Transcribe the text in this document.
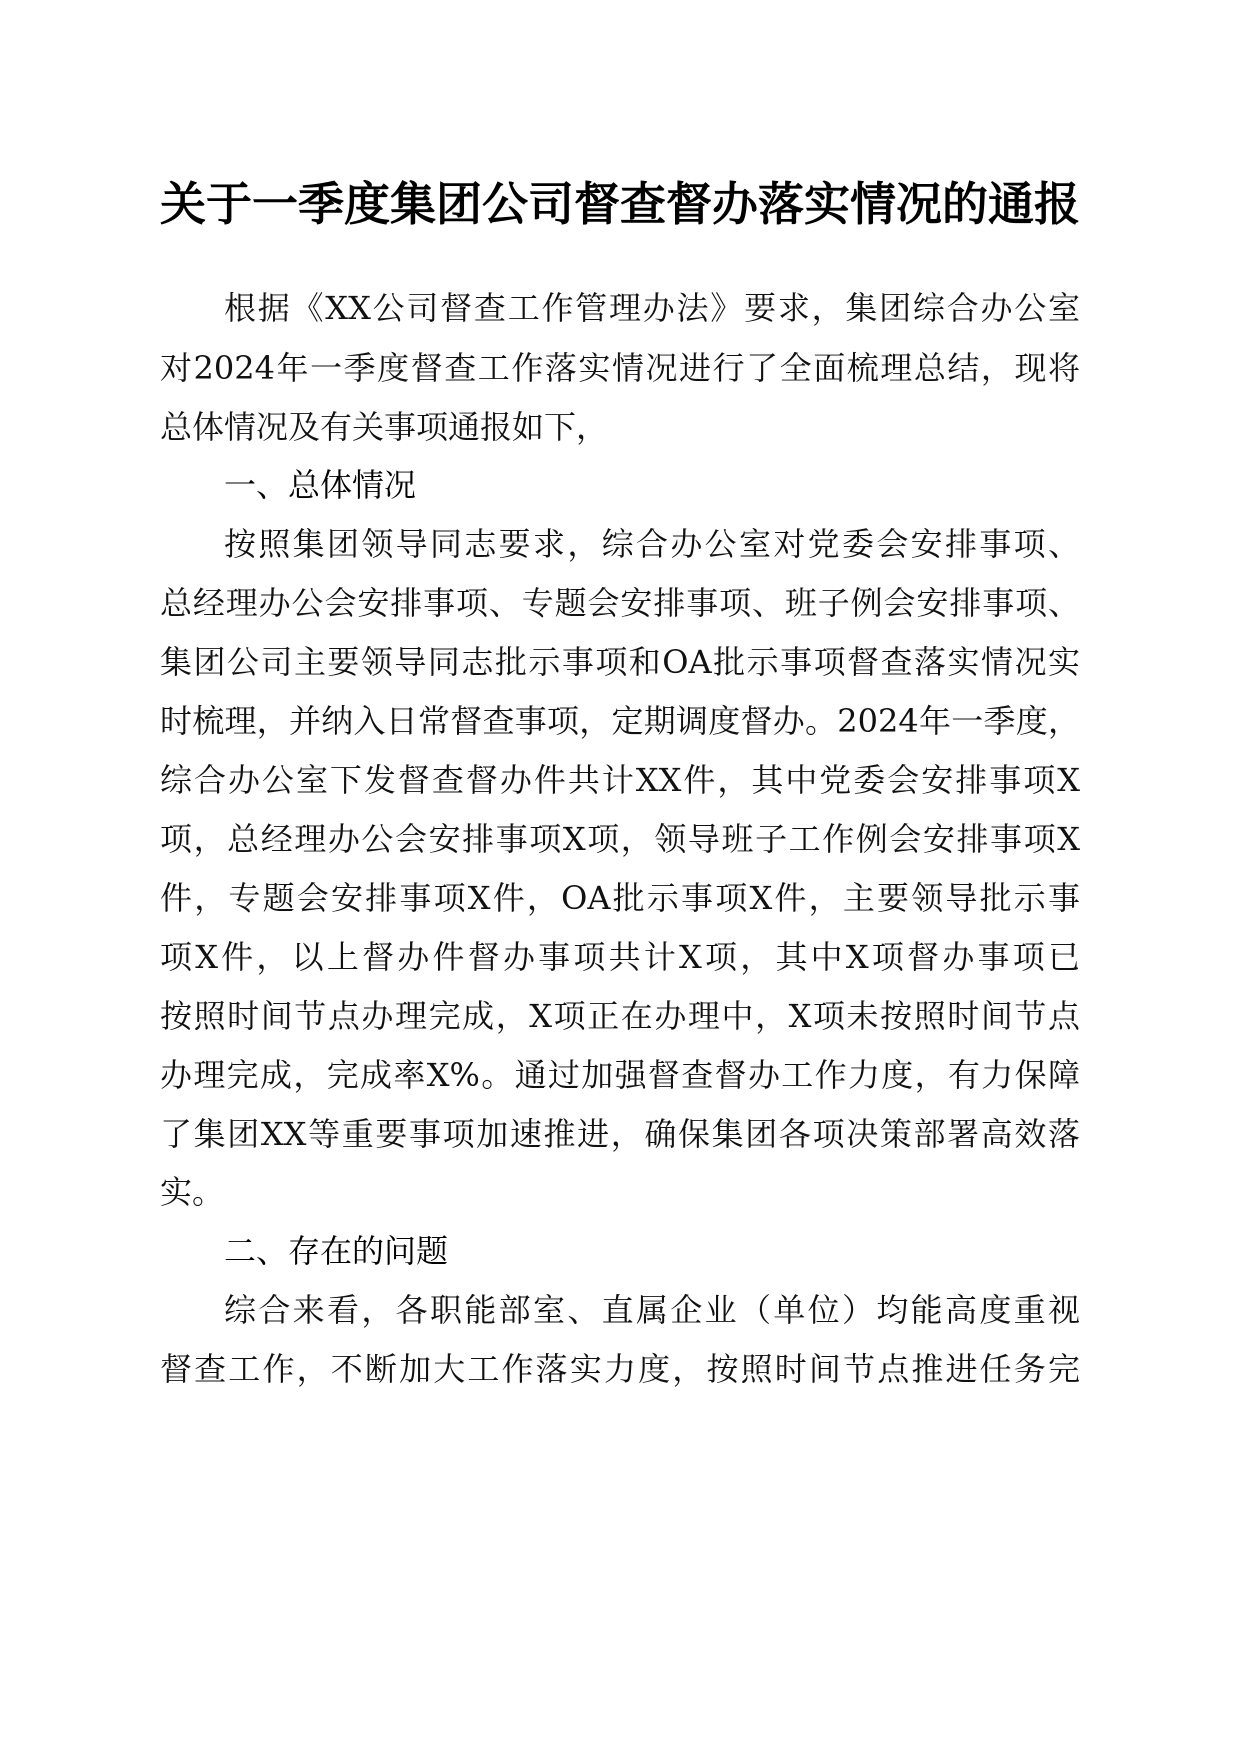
关于一季度集团公司督查督办落实情况的通报
根据《XX公司督查工作管理办法》要求，集团综合办公室
对2024年一季度督查工作落实情况进行了全面梳理总结，现将
总体情况及有关事项通报如下，
一、总体情况
按照集团领导同志要求，综合办公室对党委会安排事项、
总经理办公会安排事项、专题会安排事项、班子例会安排事项、
集团公司主要领导同志批示事项和OA批示事项督查落实情况实
时梳理，并纳入日常督查事项，定期调度督办。2024年一季度，
综合办公室下发督查督办件共计XX件，其中党委会安排事项X
项，总经理办公会安排事项X项，领导班子工作例会安排事项X
件，专题会安排事项X件，OA批示事项X件，主要领导批示事
项X件，以上督办件督办事项共计X项，其中X项督办事项已
按照时间节点办理完成，X项正在办理中，X项未按照时间节点
办理完成，完成率X%。通过加强督查督办工作力度，有力保障
了集团XX等重要事项加速推进，确保集团各项决策部署高效落
实。
二、存在的问题
综合来看，各职能部室、直属企业（单位）均能高度重视
督查工作，不断加大工作落实力度，按照时间节点推进任务完
